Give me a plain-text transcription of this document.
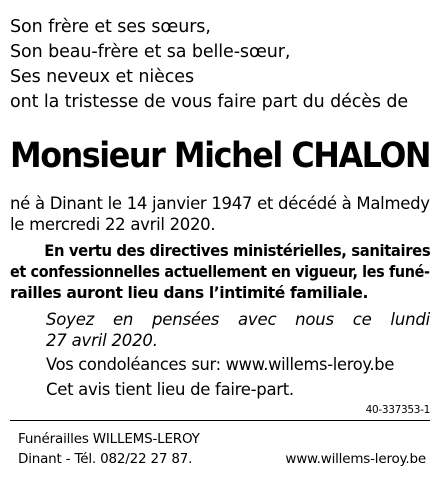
Son frère et ses sœurs,
Son beau-frère et sa belle-sœur,
Ses neveux et nièces
ont la tristesse de vous faire part du décès de
Monsieur Michel CHALON
né à Dinant le 14 janvier 1947 et décédé à Malmedy
le mercredi 22 avril 2020.
En vertu des directives ministérielles, sanitaires
et confessionnelles actuellement en vigueur, les funé-
railles auront lieu dans l’intimité familiale.
Soyez en pensées avec nous ce lundi
27 avril 2020.
Vos condoléances sur: www.willems-leroy.be
Cet avis tient lieu de faire-part.
40-337353-1
Funérailles WILLEMS-LEROY
Dinant - Tél. 082/22 27 87.	www.willems-leroy.be
